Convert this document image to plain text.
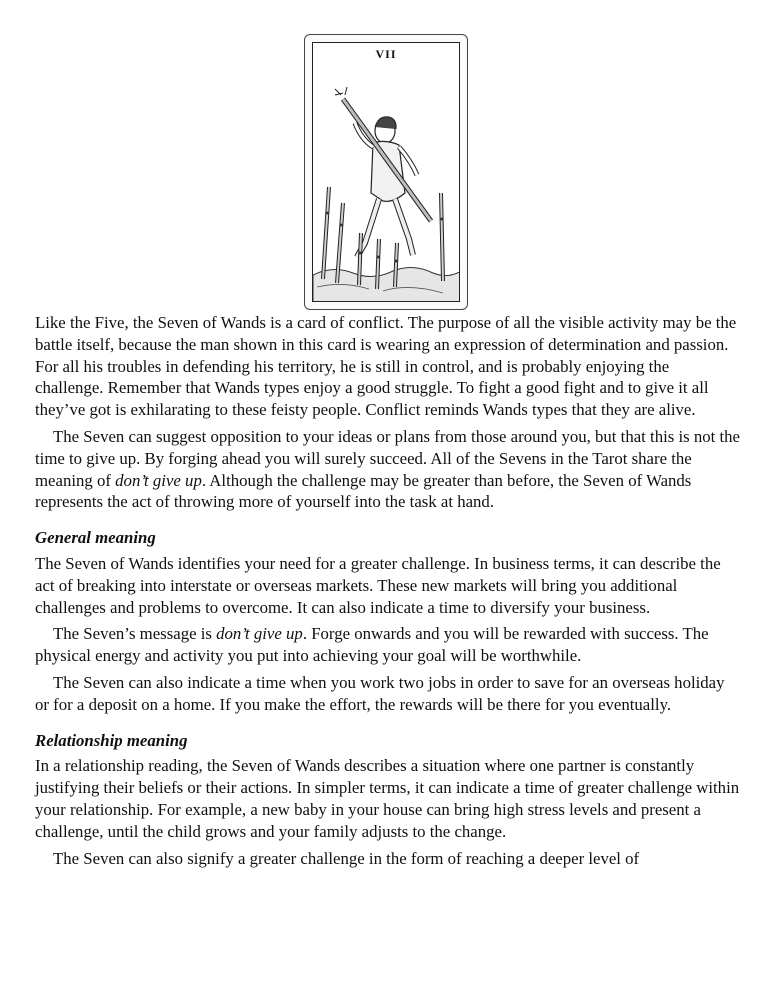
VII

Like the Five, the Seven of Wands is a card of conflict. The purpose of all the visible activity may be the battle itself, because the man shown in this card is wearing an expression of determination and passion. For all his troubles in defending his territory, he is still in control, and is probably enjoying the challenge. Remember that Wands types enjoy a good struggle. To fight a good fight and to give it all they’ve got is exhilarating to these feisty people. Conflict reminds Wands types that they are alive.

The Seven can suggest opposition to your ideas or plans from those around you, but that this is not the time to give up. By forging ahead you will surely succeed. All of the Sevens in the Tarot share the meaning of don’t give up. Although the challenge may be greater than before, the Seven of Wands represents the act of throwing more of yourself into the task at hand.

General meaning

The Seven of Wands identifies your need for a greater challenge. In business terms, it can describe the act of breaking into interstate or overseas markets. These new markets will bring you additional challenges and problems to overcome. It can also indicate a time to diversify your business.

The Seven’s message is don’t give up. Forge onwards and you will be rewarded with success. The physical energy and activity you put into achieving your goal will be worthwhile.

The Seven can also indicate a time when you work two jobs in order to save for an overseas holiday or for a deposit on a home. If you make the effort, the rewards will be there for you eventually.

Relationship meaning

In a relationship reading, the Seven of Wands describes a situation where one partner is constantly justifying their beliefs or their actions. In simpler terms, it can indicate a time of greater challenge within your relationship. For example, a new baby in your house can bring high stress levels and present a challenge, until the child grows and your family adjusts to the change.

The Seven can also signify a greater challenge in the form of reaching a deeper level of
